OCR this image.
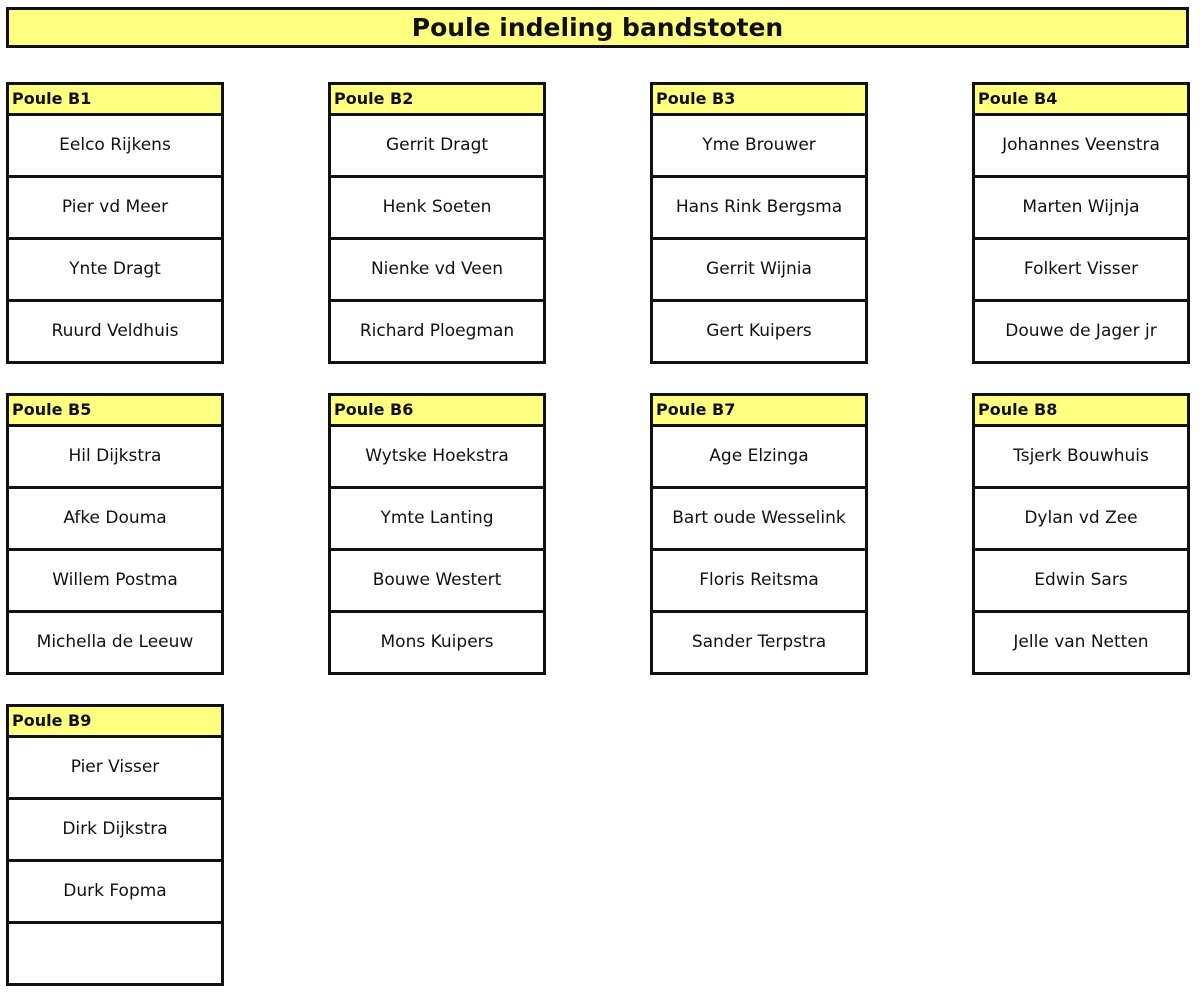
Poule indeling bandstoten
Poule B1
Eelco Rijkens
Pier vd Meer
Ynte Dragt
Ruurd Veldhuis
Poule B2
Gerrit Dragt
Henk Soeten
Nienke vd Veen
Richard Ploegman
Poule B3
Yme Brouwer
Hans Rink Bergsma
Gerrit Wijnia
Gert Kuipers
Poule B4
Johannes Veenstra
Marten Wijnja
Folkert Visser
Douwe de Jager jr
Poule B5
Hil Dijkstra
Afke Douma
Willem Postma
Michella de Leeuw
Poule B6
Wytske Hoekstra
Ymte Lanting
Bouwe Westert
Mons Kuipers
Poule B7
Age Elzinga
Bart oude Wesselink
Floris Reitsma
Sander Terpstra
Poule B8
Tsjerk Bouwhuis
Dylan vd Zee
Edwin Sars
Jelle van Netten
Poule B9
Pier Visser
Dirk Dijkstra
Durk Fopma
